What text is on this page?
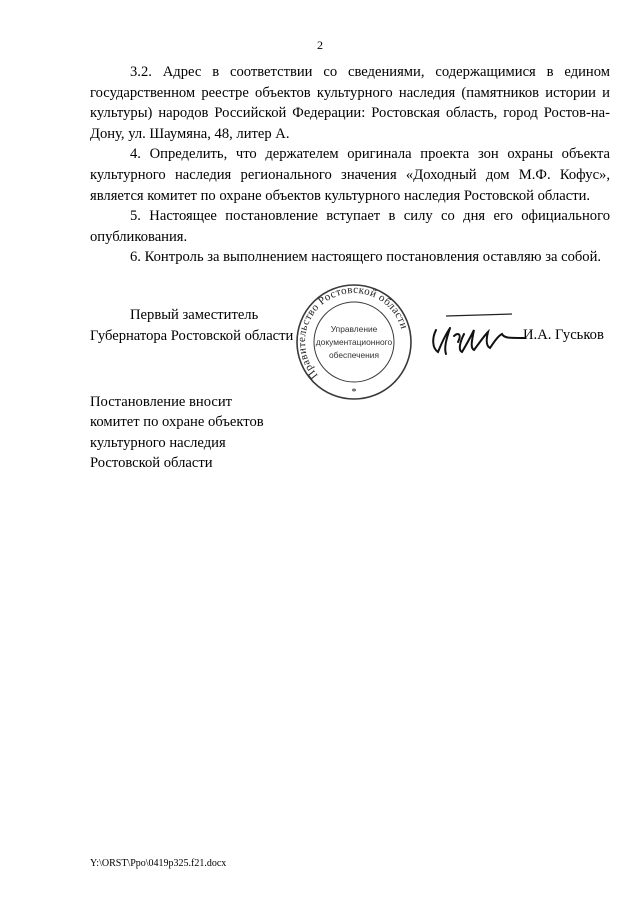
2

3.2. Адрес в соответствии со сведениями, содержащимися в едином государственном реестре объектов культурного наследия (памятников истории и культуры) народов Российской Федерации: Ростовская область, город Ростов-на-Дону, ул. Шаумяна, 48, литер А.

4. Определить, что держателем оригинала проекта зон охраны объекта культурного наследия регионального значения «Доходный дом М.Ф. Кофус», является комитет по охране объектов культурного наследия Ростовской области.

5. Настоящее постановление вступает в силу со дня его официального опубликования.

6. Контроль за выполнением настоящего постановления оставляю за собой.

Первый заместитель
Губернатора Ростовской области
Правительство Ростовской области
Управление
документационного
обеспечения
*
И.А. Гуськов
Постановление вносит
комитет по охране объектов
культурного наследия
Ростовской области
Y:\ORST\Ppo\0419p325.f21.docx
